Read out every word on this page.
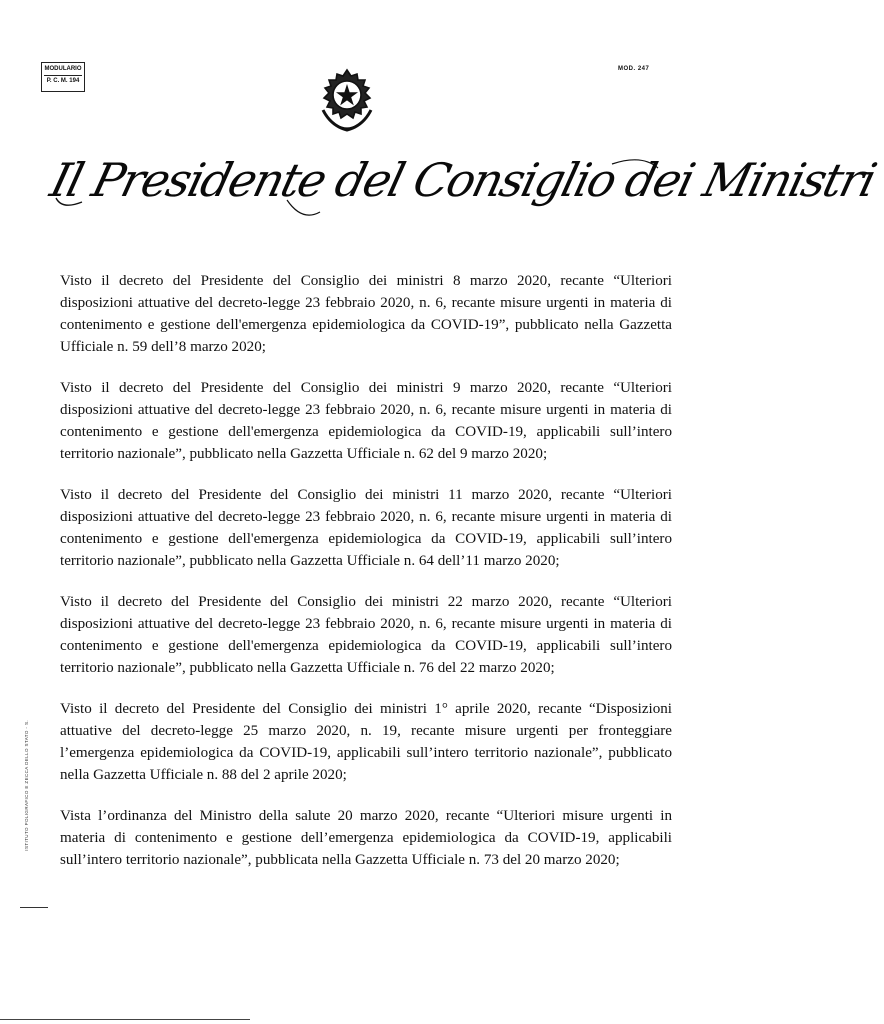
MODULARIO
P. C. M. 194
MOD. 247
Il Presidente del Consiglio dei Ministri

Visto il decreto del Presidente del Consiglio dei ministri 8 marzo 2020, recante “Ulteriori disposizioni attuative del decreto-legge 23 febbraio 2020, n. 6, recante misure urgenti in materia di contenimento e gestione dell'emergenza epidemiologica da COVID-19”, pubblicato nella Gazzetta Ufficiale n. 59 dell’8 marzo 2020;

Visto il decreto del Presidente del Consiglio dei ministri 9 marzo 2020, recante “Ulteriori disposizioni attuative del decreto-legge 23 febbraio 2020, n. 6, recante misure urgenti in materia di contenimento e gestione dell'emergenza epidemiologica da COVID-19, applicabili sull’intero territorio nazionale”, pubblicato nella Gazzetta Ufficiale n. 62 del 9 marzo 2020;

Visto il decreto del Presidente del Consiglio dei ministri 11 marzo 2020, recante “Ulteriori disposizioni attuative del decreto-legge 23 febbraio 2020, n. 6, recante misure urgenti in materia di contenimento e gestione dell'emergenza epidemiologica da COVID-19, applicabili sull’intero territorio nazionale”, pubblicato nella Gazzetta Ufficiale n. 64 dell’11 marzo 2020;

Visto il decreto del Presidente del Consiglio dei ministri 22 marzo 2020, recante “Ulteriori disposizioni attuative del decreto-legge 23 febbraio 2020, n. 6, recante misure urgenti in materia di contenimento e gestione dell'emergenza epidemiologica da COVID-19, applicabili sull’intero territorio nazionale”, pubblicato nella Gazzetta Ufficiale n. 76 del 22 marzo 2020;

Visto il decreto del Presidente del Consiglio dei ministri 1° aprile 2020, recante “Disposizioni attuative del decreto-legge 25 marzo 2020, n. 19, recante misure urgenti per fronteggiare l’emergenza epidemiologica da COVID-19, applicabili sull’intero territorio nazionale”, pubblicato nella Gazzetta Ufficiale n. 88 del 2 aprile 2020;

Vista l’ordinanza del Ministro della salute 20 marzo 2020, recante “Ulteriori misure urgenti in materia di contenimento e gestione dell’emergenza epidemiologica da COVID-19, applicabili sull’intero territorio nazionale”, pubblicata nella Gazzetta Ufficiale n. 73 del 20 marzo 2020;

ISTITUTO POLIGRAFICO E ZECCA DELLO STATO - S.
